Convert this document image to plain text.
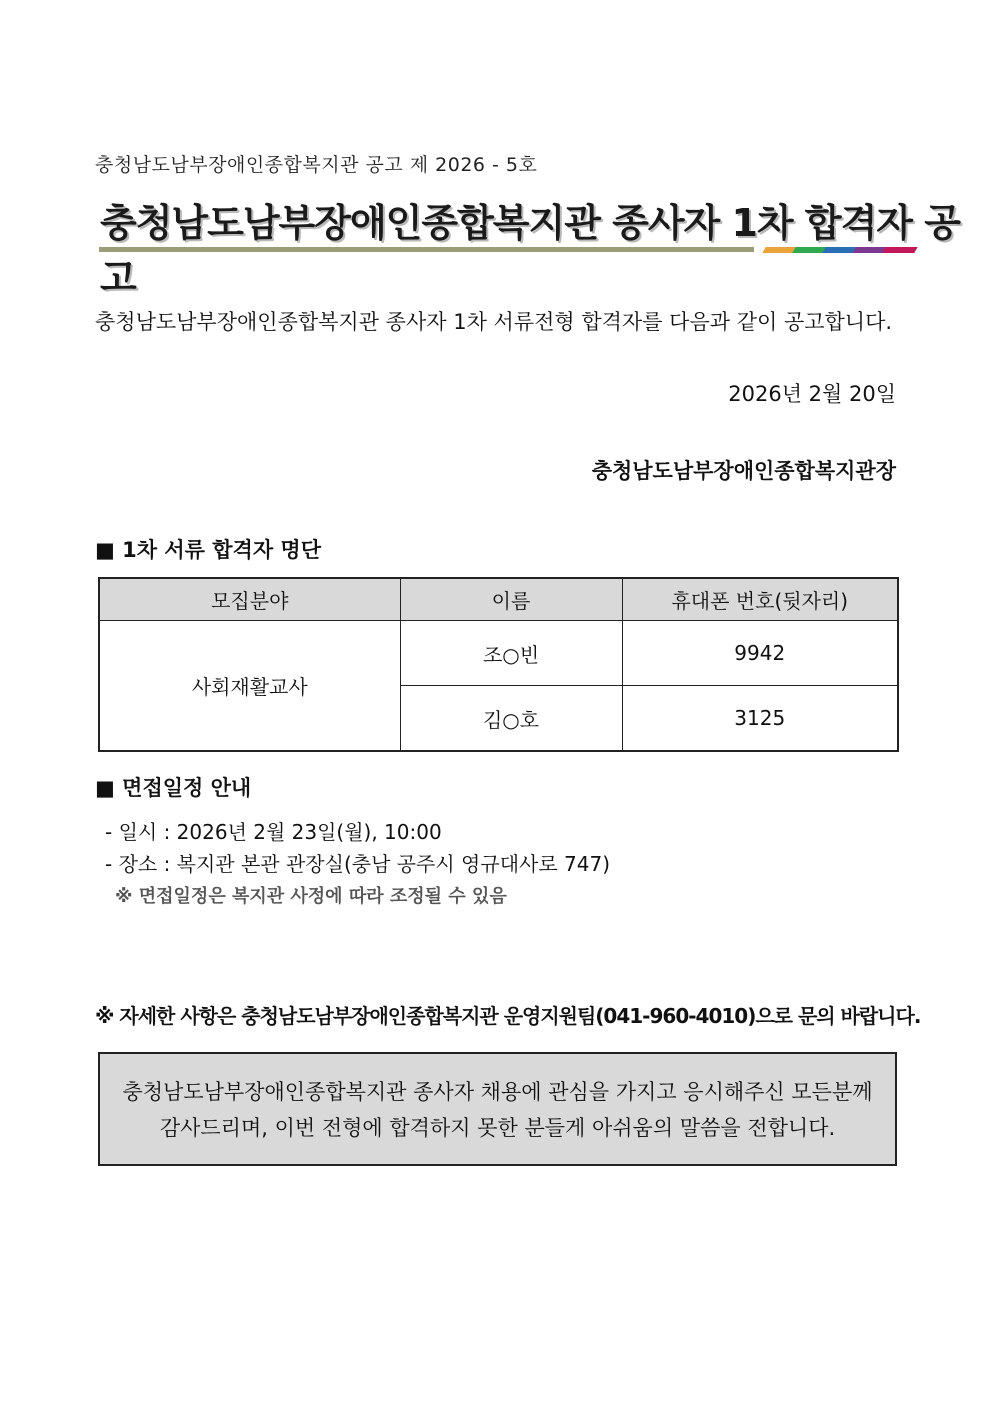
충청남도남부장애인종합복지관 공고 제 2026 - 5호
충청남도남부장애인종합복지관 종사자 1차 합격자 공고
충청남도남부장애인종합복지관 종사자 1차 서류전형 합격자를 다음과 같이 공고합니다.
2026년 2월 20일
충청남도남부장애인종합복지관장
■ 1차 서류 합격자 명단
모집분야	이름	휴대폰 번호(뒷자리)
사회재활교사	조○빈	9942
	김○호	3125
■ 면접일정 안내
- 일시 : 2026년 2월 23일(월), 10:00
- 장소 : 복지관 본관 관장실(충남 공주시 영규대사로 747)
※ 면접일정은 복지관 사정에 따라 조정될 수 있음
※ 자세한 사항은 충청남도남부장애인종합복지관 운영지원팀(041-960-4010)으로 문의 바랍니다.
충청남도남부장애인종합복지관 종사자 채용에 관심을 가지고 응시해주신 모든분께
감사드리며, 이번 전형에 합격하지 못한 분들게 아쉬움의 말씀을 전합니다.
